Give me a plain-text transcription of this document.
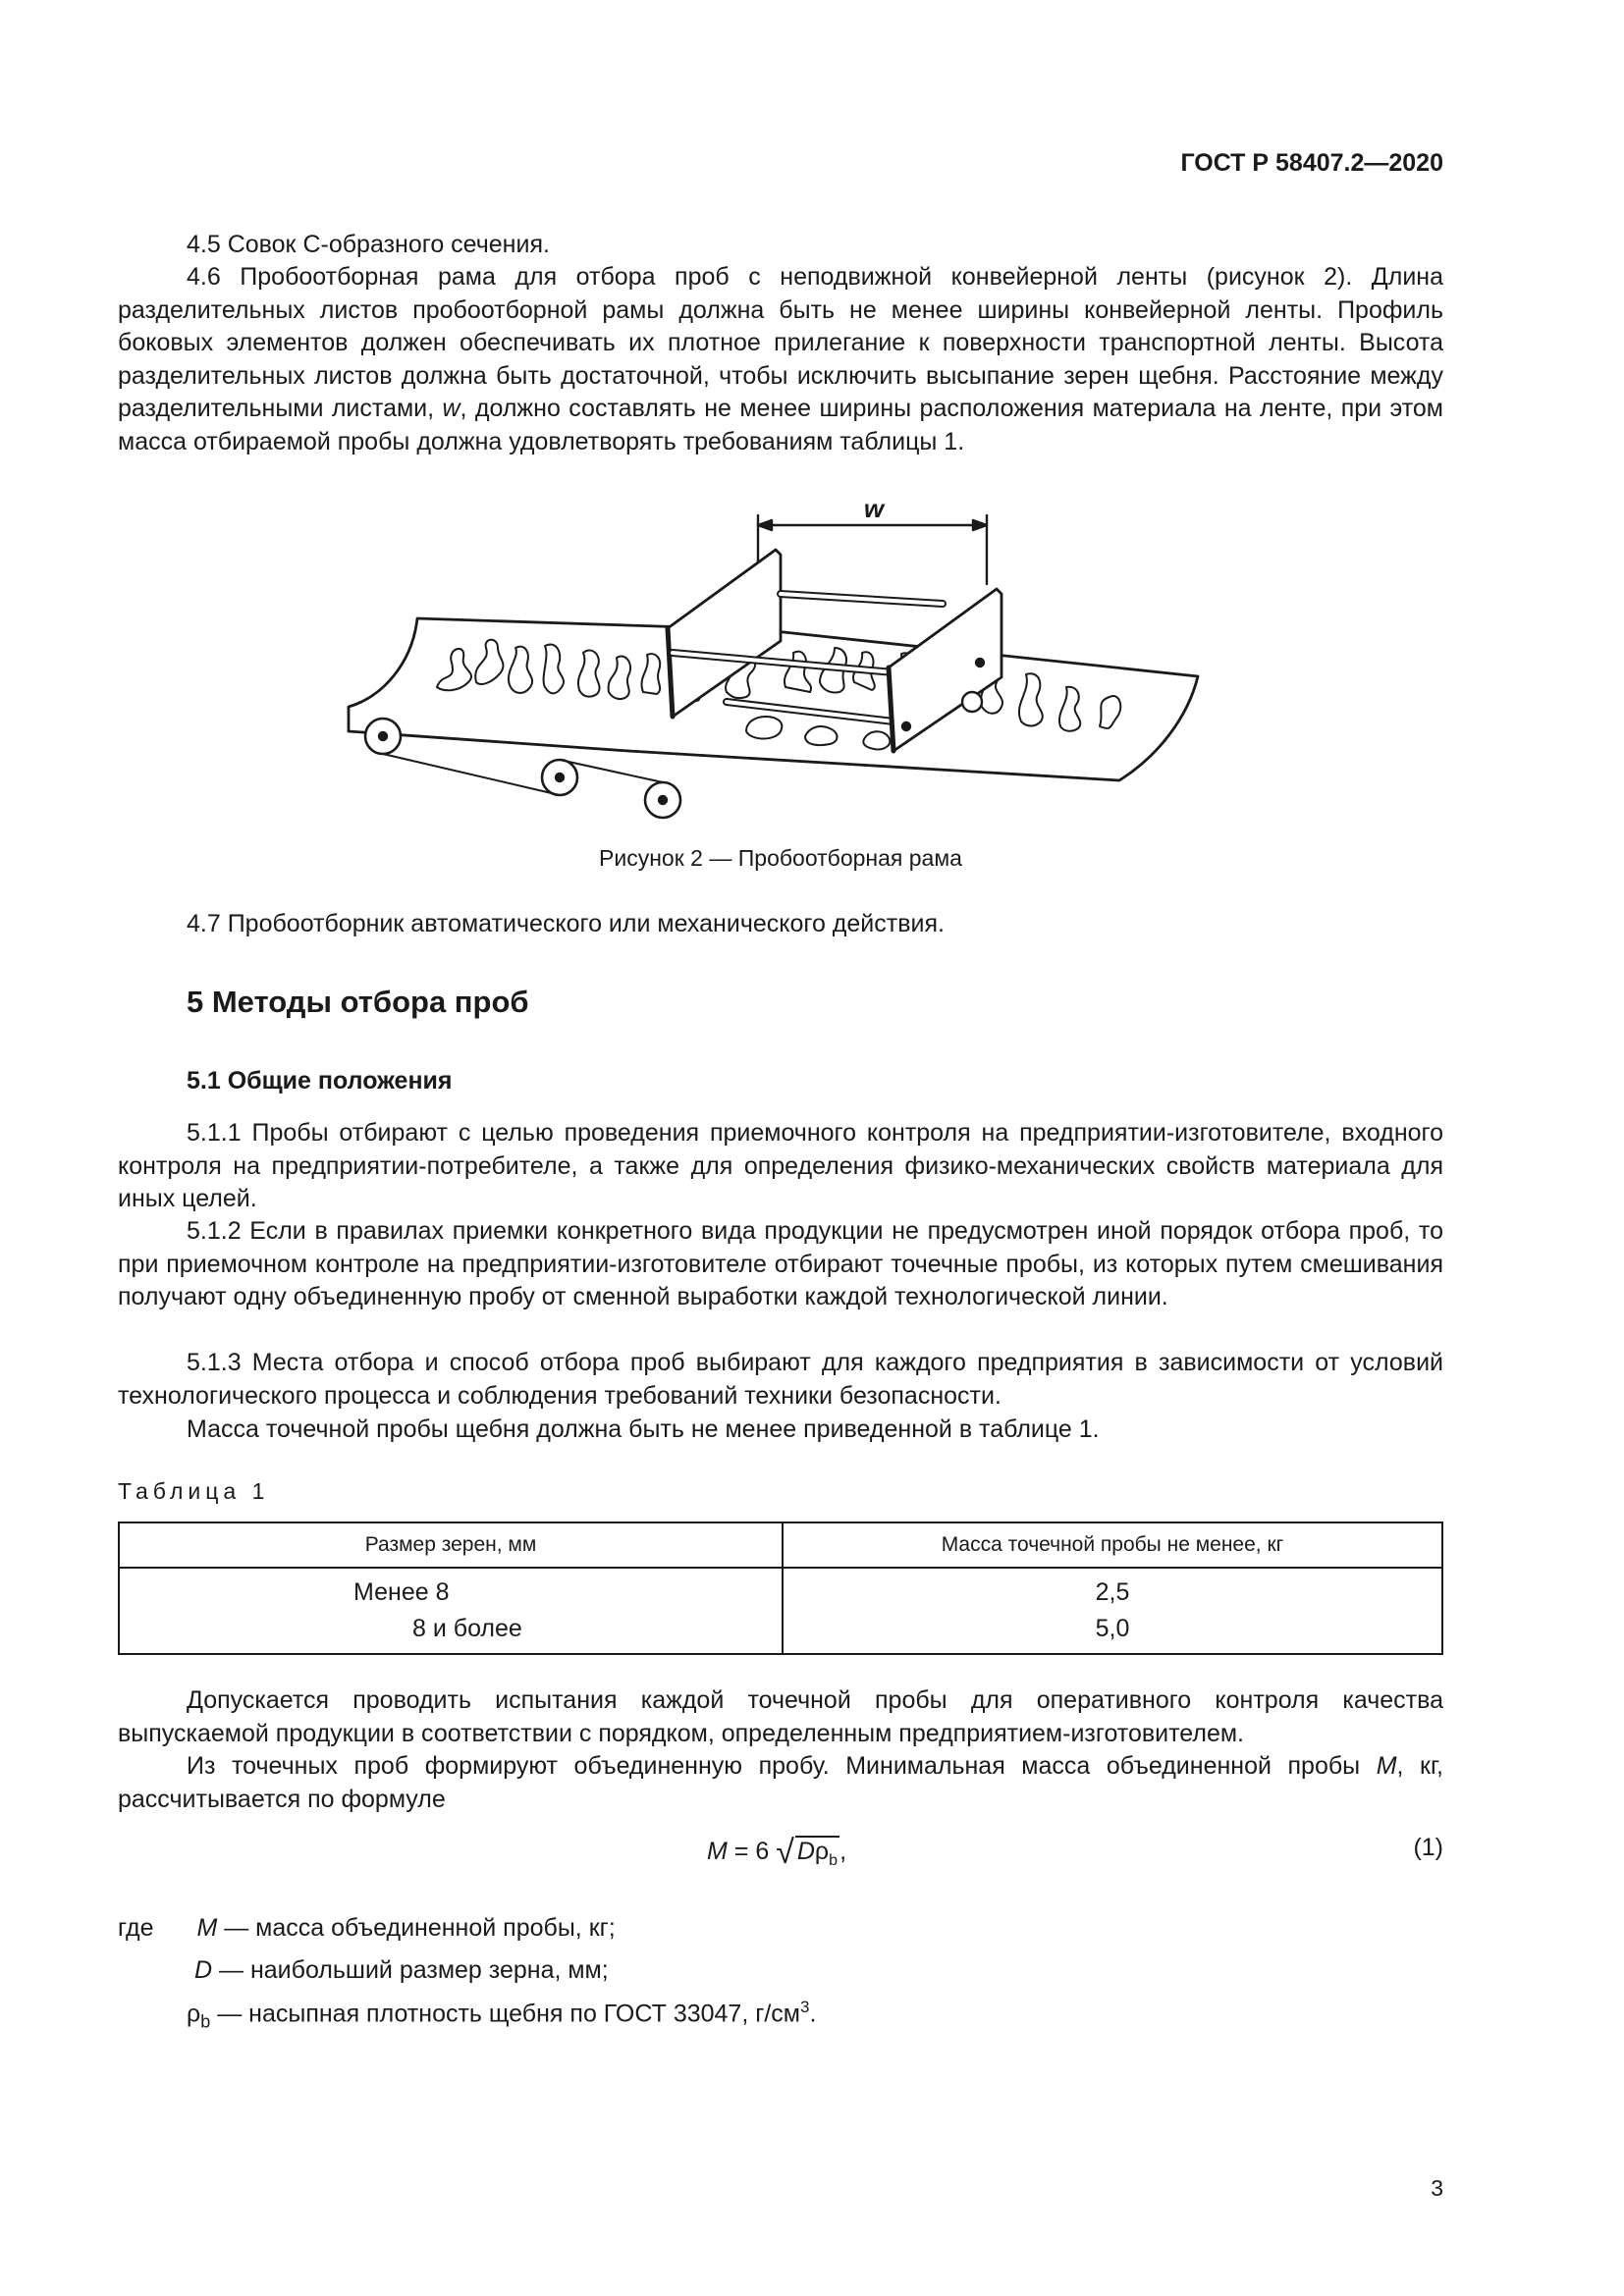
ГОСТ Р 58407.2—2020

4.5 Совок С-образного сечения.

4.6 Пробоотборная рама для отбора проб с неподвижной конвейерной ленты (рисунок 2). Длина разделительных листов пробоотборной рамы должна быть не менее ширины конвейерной ленты. Профиль боковых элементов должен обеспечивать их плотное прилегание к поверхности транспортной ленты. Высота разделительных листов должна быть достаточной, чтобы исключить высыпание зерен щебня. Расстояние между разделительными листами, w, должно составлять не менее ширины расположения материала на ленте, при этом масса отбираемой пробы должна удовлетворять требованиям таблицы 1.

w
Рисунок 2 — Пробоотборная рама

4.7 Пробоотборник автоматического или механического действия.

5 Методы отбора проб
5.1 Общие положения

5.1.1 Пробы отбирают с целью проведения приемочного контроля на предприятии-изготовителе, входного контроля на предприятии-потребителе, а также для определения физико-механических свойств материала для иных целей.

5.1.2 Если в правилах приемки конкретного вида продукции не предусмотрен иной порядок отбора проб, то при приемочном контроле на предприятии-изготовителе отбирают точечные пробы, из которых путем смешивания получают одну объединенную пробу от сменной выработки каждой технологической линии.

5.1.3 Места отбора и способ отбора проб выбирают для каждого предприятия в зависимости от условий технологического процесса и соблюдения требований техники безопасности.

Масса точечной пробы щебня должна быть не менее приведенной в таблице 1.

Таблица 1
Размер зерен, мм	Масса точечной пробы не менее, кг
Менее 8	2,5
8 и более	5,0

Допускается проводить испытания каждой точечной пробы для оперативного контроля качества выпускаемой продукции в соответствии с порядком, определенным предприятием-изготовителем.

Из точечных проб формируют объединенную пробу. Минимальная масса объединенной пробы M, кг, рассчитывается по формуле

M = 6 √ $D\rho_b$,	(1)
где M — масса объединенной пробы, кг;
D — наибольший размер зерна, мм;
$\rho_b$ — насыпная плотность щебня по ГОСТ 33047, $г/см^3$.
3
